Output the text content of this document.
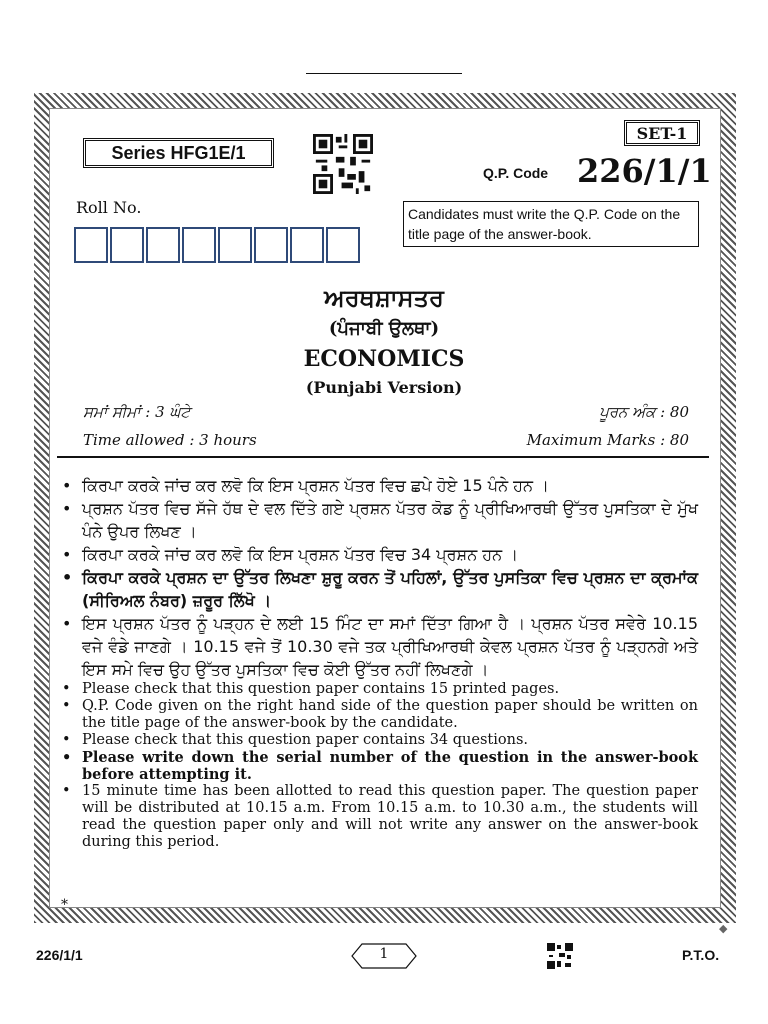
Series HFG1E/1
SET-1
Q.P. Code 226/1/1
Roll No.	Candidates must write the Q.P. Code on the title page of the answer-book.
ਅਰਥਸ਼ਾਸਤਰ
(ਪੰਜਾਬੀ ਉਲਥਾ)
ECONOMICS
(Punjabi Version)
ਸਮਾਂ ਸੀਮਾਂ : 3 ਘੰਟੇ	ਪੂਰਨ ਅੰਕ : 80
Time allowed : 3 hours	Maximum Marks : 80
• ਕਿਰਪਾ ਕਰਕੇ ਜਾਂਚ ਕਰ ਲਵੋ ਕਿ ਇਸ ਪ੍ਰਸ਼ਨ ਪੱਤਰ ਵਿਚ ਛਪੇ ਹੋਏ 15 ਪੰਨੇ ਹਨ ।
• ਪ੍ਰਸ਼ਨ ਪੱਤਰ ਵਿਚ ਸੱਜੇ ਹੱਥ ਦੇ ਵਲ ਦਿੱਤੇ ਗਏ ਪ੍ਰਸ਼ਨ ਪੱਤਰ ਕੋਡ ਨੂੰ ਪ੍ਰੀਖਿਆਰਥੀ ਉੱਤਰ ਪੁਸਤਿਕਾ ਦੇ ਮੁੱਖ ਪੰਨੇ ਉਪਰ ਲਿਖਣ ।
• ਕਿਰਪਾ ਕਰਕੇ ਜਾਂਚ ਕਰ ਲਵੋ ਕਿ ਇਸ ਪ੍ਰਸ਼ਨ ਪੱਤਰ ਵਿਚ 34 ਪ੍ਰਸ਼ਨ ਹਨ ।
• ਕਿਰਪਾ ਕਰਕੇ ਪ੍ਰਸ਼ਨ ਦਾ ਉੱਤਰ ਲਿਖਣਾ ਸ਼ੁਰੂ ਕਰਨ ਤੋਂ ਪਹਿਲਾਂ, ਉੱਤਰ ਪੁਸਤਿਕਾ ਵਿਚ ਪ੍ਰਸ਼ਨ ਦਾ ਕ੍ਰਮਾਂਕ (ਸੀਰਿਅਲ ਨੰਬਰ) ਜ਼ਰੂਰ ਲਿੱਖੋ ।
• ਇਸ ਪ੍ਰਸ਼ਨ ਪੱਤਰ ਨੂੰ ਪੜ੍ਹਨ ਦੇ ਲਈ 15 ਮਿੰਟ ਦਾ ਸਮਾਂ ਦਿੱਤਾ ਗਿਆ ਹੈ । ਪ੍ਰਸ਼ਨ ਪੱਤਰ ਸਵੇਰੇ 10.15 ਵਜੇ ਵੰਡੇ ਜਾਣਗੇ । 10.15 ਵਜੇ ਤੋਂ 10.30 ਵਜੇ ਤਕ ਪ੍ਰੀਖਿਆਰਥੀ ਕੇਵਲ ਪ੍ਰਸ਼ਨ ਪੱਤਰ ਨੂੰ ਪੜ੍ਹਨਗੇ ਅਤੇ ਇਸ ਸਮੇ ਵਿਚ ਉਹ ਉੱਤਰ ਪੁਸਤਿਕਾ ਵਿਚ ਕੋਈ ਉੱਤਰ ਨਹੀਂ ਲਿਖਣਗੇ ।
• Please check that this question paper contains 15 printed pages.
• Q.P. Code given on the right hand side of the question paper should be written on the title page of the answer-book by the candidate.
• Please check that this question paper contains 34 questions.
• Please write down the serial number of the question in the answer-book before attempting it.
• 15 minute time has been allotted to read this question paper. The question paper will be distributed at 10.15 a.m. From 10.15 a.m. to 10.30 a.m., the students will read the question paper only and will not write any answer on the answer-book during this period.
*
◆
226/1/1	1	P.T.O.
